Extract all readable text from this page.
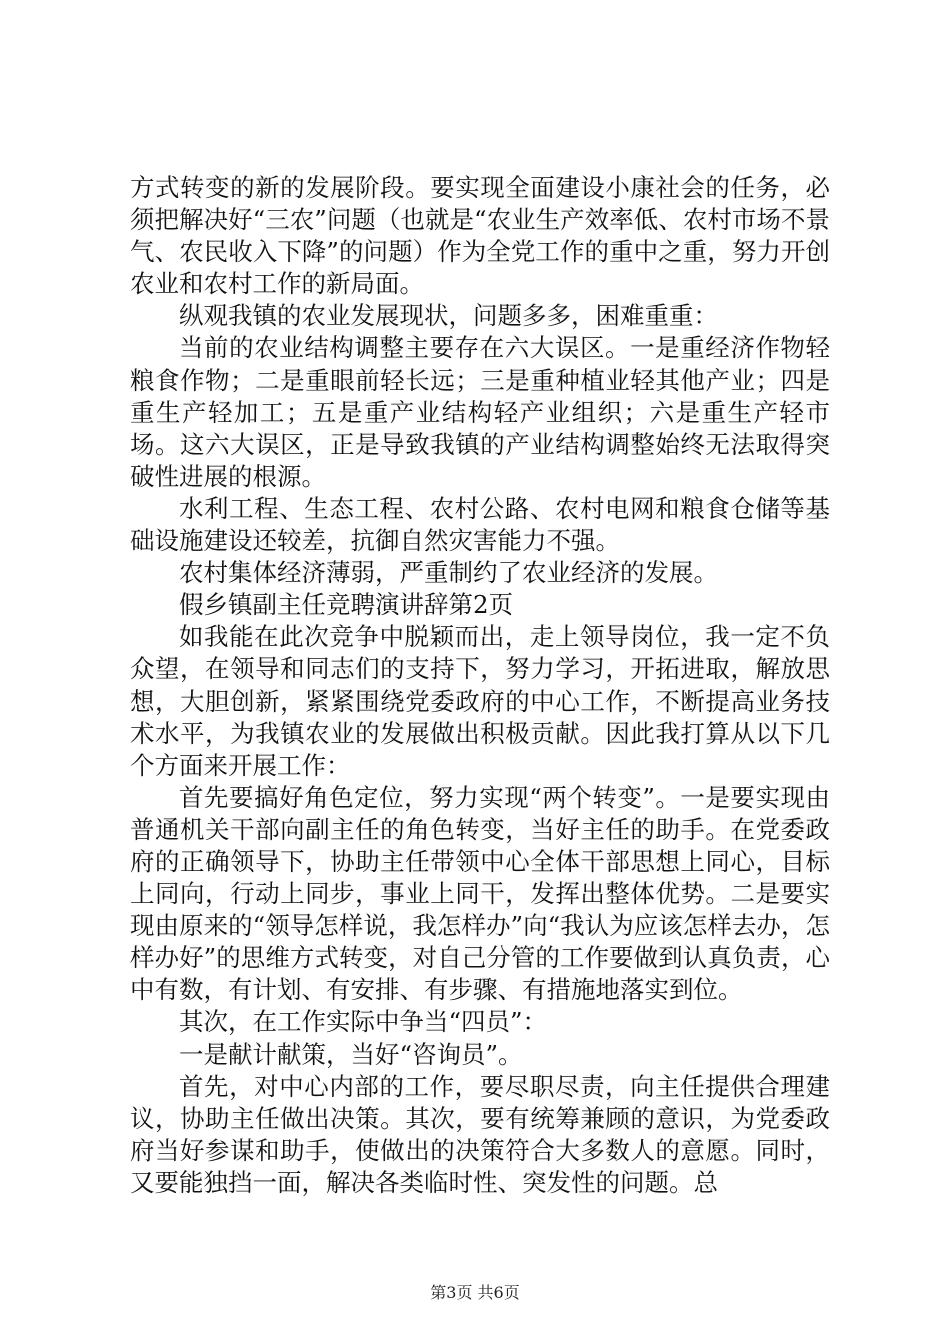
方式转变的新的发展阶段。要实现全面建设小康社会的任务，必须把解决好“三农”问题（也就是“农业生产效率低、农村市场不景气、农民收入下降”的问题）作为全党工作的重中之重，努力开创农业和农村工作的新局面。

纵观我镇的农业发展现状，问题多多，困难重重：

当前的农业结构调整主要存在六大误区。一是重经济作物轻粮食作物；二是重眼前轻长远；三是重种植业轻其他产业；四是重生产轻加工；五是重产业结构轻产业组织；六是重生产轻市场。这六大误区，正是导致我镇的产业结构调整始终无法取得突破性进展的根源。

水利工程、生态工程、农村公路、农村电网和粮食仓储等基础设施建设还较差，抗御自然灾害能力不强。

农村集体经济薄弱，严重制约了农业经济的发展。

假乡镇副主任竞聘演讲辞第2页

如我能在此次竞争中脱颖而出，走上领导岗位，我一定不负众望，在领导和同志们的支持下，努力学习，开拓进取，解放思想，大胆创新，紧紧围绕党委政府的中心工作，不断提高业务技术水平，为我镇农业的发展做出积极贡献。因此我打算从以下几个方面来开展工作：

首先要搞好角色定位，努力实现“两个转变”。一是要实现由普通机关干部向副主任的角色转变，当好主任的助手。在党委政府的正确领导下，协助主任带领中心全体干部思想上同心，目标上同向，行动上同步，事业上同干，发挥出整体优势。二是要实现由原来的“领导怎样说，我怎样办”向“我认为应该怎样去办，怎样办好”的思维方式转变，对自己分管的工作要做到认真负责，心中有数，有计划、有安排、有步骤、有措施地落实到位。

其次，在工作实际中争当“四员”：

一是献计献策，当好“咨询员”。

首先，对中心内部的工作，要尽职尽责，向主任提供合理建议，协助主任做出决策。其次，要有统筹兼顾的意识，为党委政府当好参谋和助手，使做出的决策符合大多数人的意愿。同时，又要能独挡一面，解决各类临时性、突发性的问题。总

第3页 共6页
